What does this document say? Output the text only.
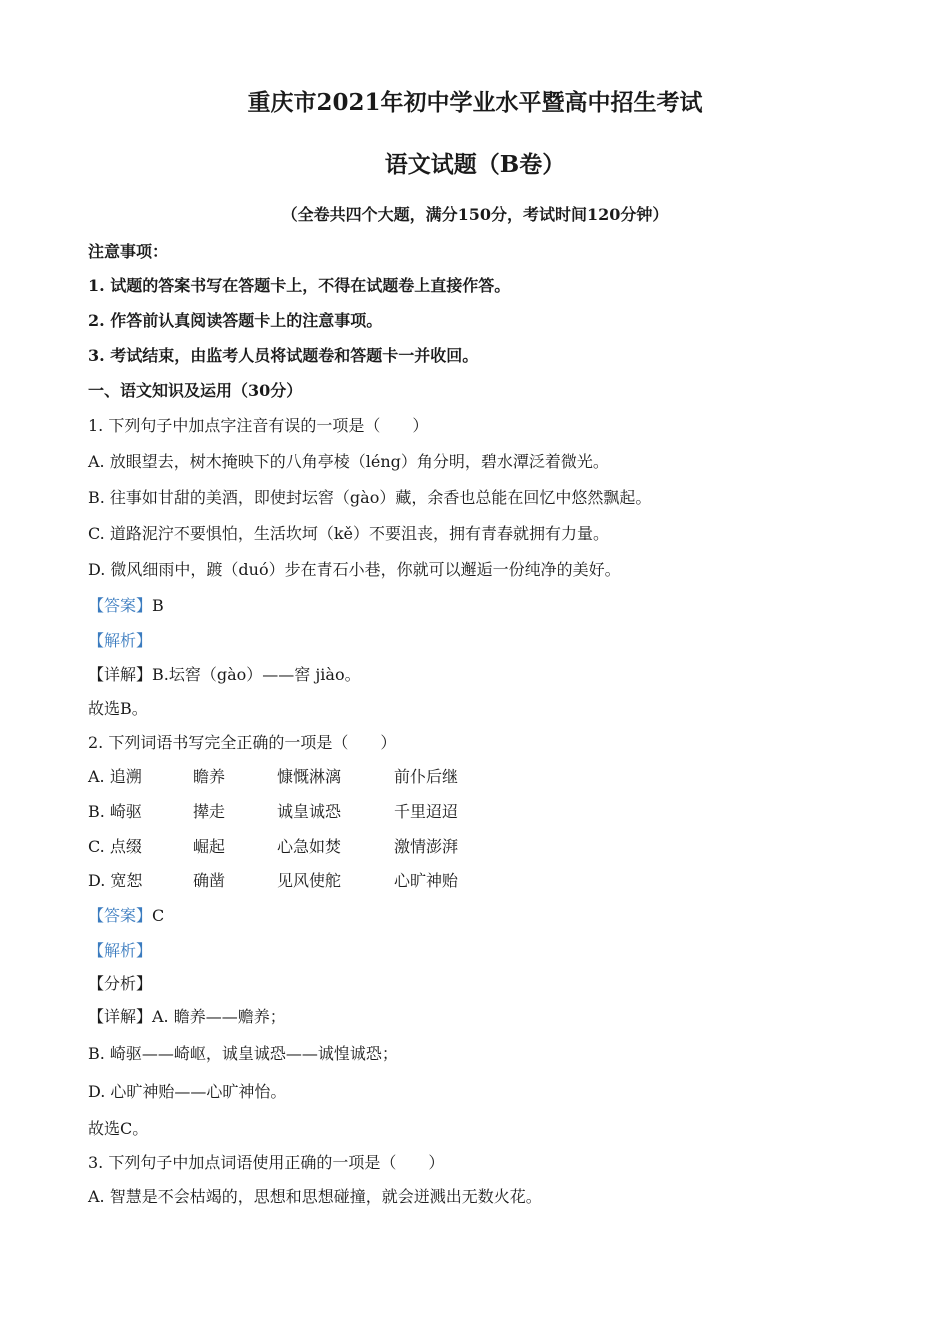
重庆市2021年初中学业水平暨高中招生考试
语文试题（B卷）
（全卷共四个大题，满分150分，考试时间120分钟）
注意事项：
1. 试题的答案书写在答题卡上，不得在试题卷上直接作答。
2. 作答前认真阅读答题卡上的注意事项。
3. 考试结束，由监考人员将试题卷和答题卡一并收回。
一、语文知识及运用（30分）
1. 下列句子中加点字注音有误的一项是（　　）
A. 放眼望去，树木掩映下的八角亭棱（léng）角分明，碧水潭泛着微光。
B. 往事如甘甜的美酒，即使封坛窖（gào）藏，余香也总能在回忆中悠然飘起。
C. 道路泥泞不要惧怕，生活坎坷（kě）不要沮丧，拥有青春就拥有力量。
D. 微风细雨中，踱（duó）步在青石小巷，你就可以邂逅一份纯净的美好。
【答案】B
【解析】
【详解】B.坛窖（gào）——窖 jiào。
故选B。
2. 下列词语书写完全正确的一项是（　　）
A. 追溯	瞻养	慷慨淋漓	前仆后继
B. 崎驱	撵走	诚皇诚恐	千里迢迢
C. 点缀	崛起	心急如焚	激情澎湃
D. 宽恕	确凿	见风使舵	心旷神贻
【答案】C
【解析】
【分析】
【详解】A. 瞻养——赡养；
B. 崎驱——崎岖，诚皇诚恐——诚惶诚恐；
D. 心旷神贻——心旷神怡。
故选C。
3. 下列句子中加点词语使用正确的一项是（　　）
A. 智慧是不会枯竭的，思想和思想碰撞，就会迸溅出无数火花。
